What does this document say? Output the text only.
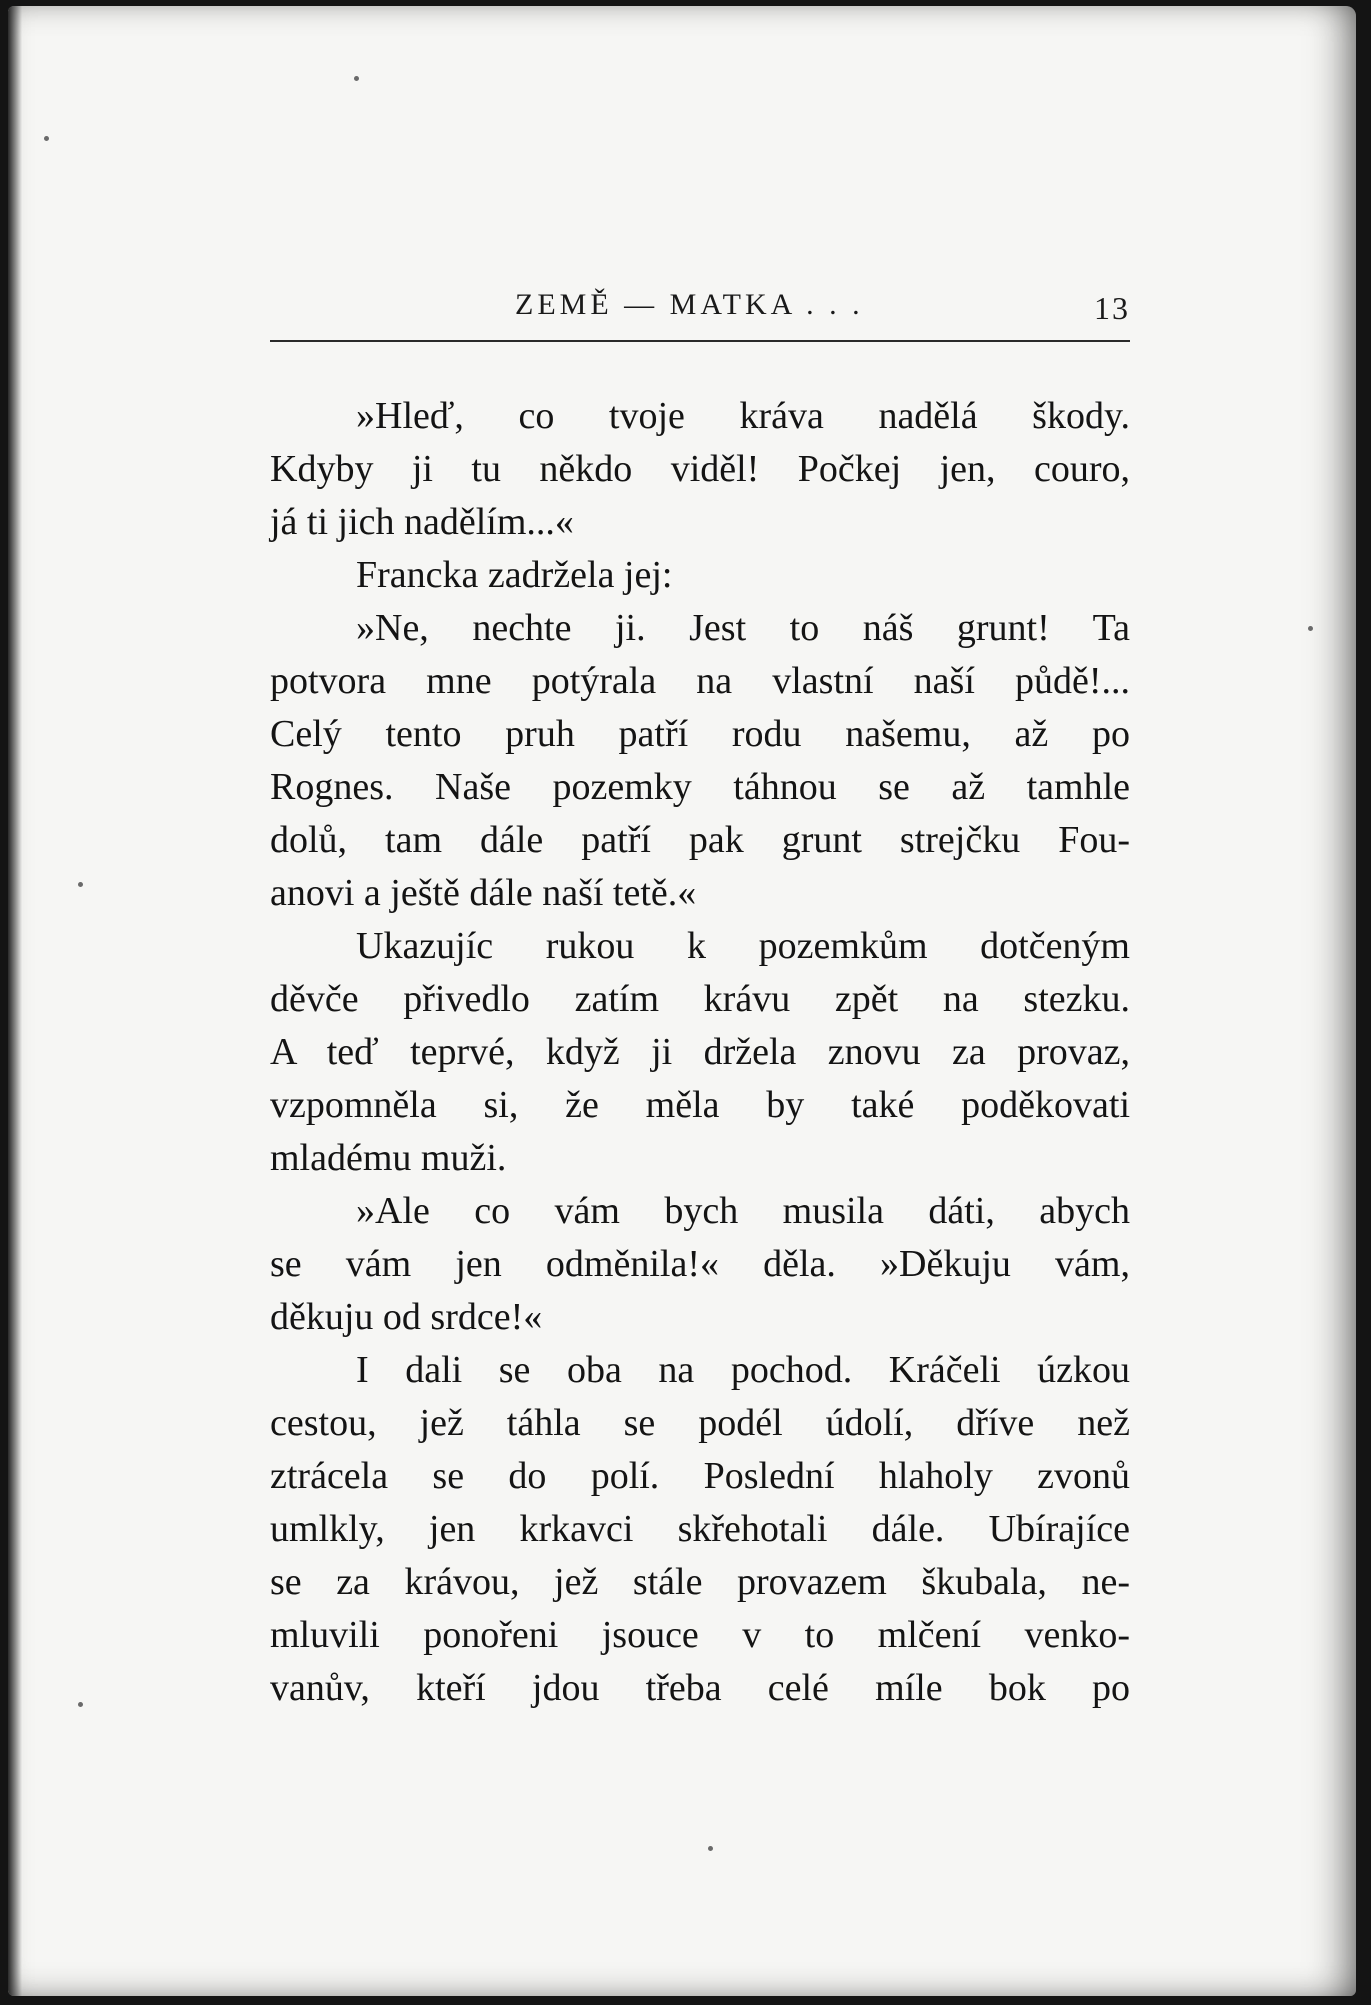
ZEMĚ — MATKA . . .	13
»Hleď, co tvoje kráva nadělá škody.
Kdyby ji tu někdo viděl! Počkej jen, couro,
já ti jich nadělím...«
Francka zadržela jej:
»Ne, nechte ji. Jest to náš grunt! Ta
potvora mne potýrala na vlastní naší půdě!...
Celý tento pruh patří rodu našemu, až po
Rognes. Naše pozemky táhnou se až tamhle
dolů, tam dále patří pak grunt strejčku Fou-
anovi a ještě dále naší tetě.«
Ukazujíc rukou k pozemkům dotčeným
děvče přivedlo zatím krávu zpět na stezku.
A teď teprvé, když ji držela znovu za provaz,
vzpomněla si, že měla by také poděkovati
mladému muži.
»Ale co vám bych musila dáti, abych
se vám jen odměnila!« děla. »Děkuju vám,
děkuju od srdce!«
I dali se oba na pochod. Kráčeli úzkou
cestou, jež táhla se podél údolí, dříve než
ztrácela se do polí. Poslední hlaholy zvonů
umlkly, jen krkavci skřehotali dále. Ubírajíce
se za krávou, jež stále provazem škubala, ne-
mluvili ponořeni jsouce v to mlčení venko-
vanův, kteří jdou třeba celé míle bok po
